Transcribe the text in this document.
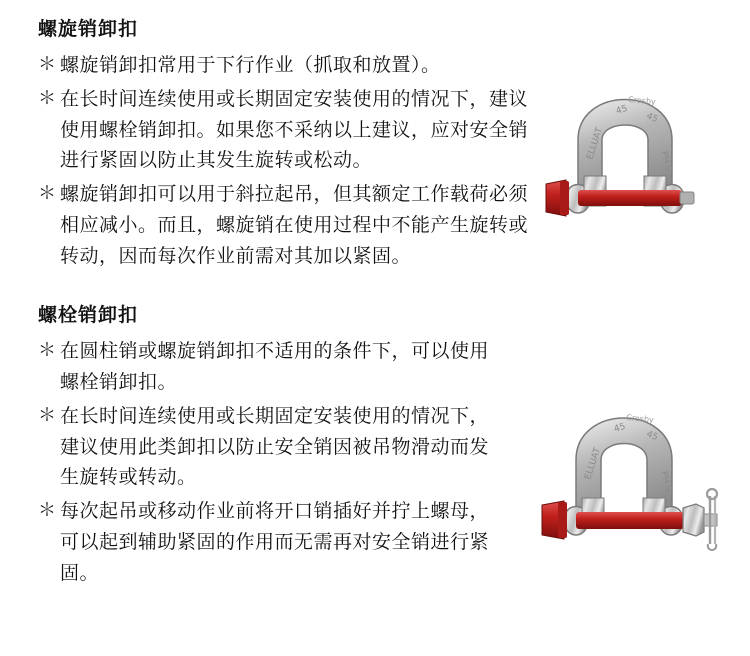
螺旋销卸扣
＊ 螺旋销卸扣常用于下行作业（抓取和放置）。
＊ 在长时间连续使用或长期固定安装使用的情况下，建议使用螺栓销卸扣。如果您不采纳以上建议，应对安全销进行紧固以防止其发生旋转或松动。
＊ 螺旋销卸扣可以用于斜拉起吊，但其额定工作载荷必须相应减小。而且，螺旋销在使用过程中不能产生旋转或转动，因而每次作业前需对其加以紧固。
螺栓销卸扣
＊ 在圆柱销或螺旋销卸扣不适用的条件下，可以使用螺栓销卸扣。
＊ 在长时间连续使用或长期固定安装使用的情况下，建议使用此类卸扣以防止安全销因被吊物滑动而发生旋转或转动。
＊ 每次起吊或移动作业前将开口销插好并拧上螺母，可以起到辅助紧固的作用而无需再对安全销进行紧固。
ELLUAT
45
45
PH-S
Crosby
ELLUAT
45
45
PH-S
Crosby
